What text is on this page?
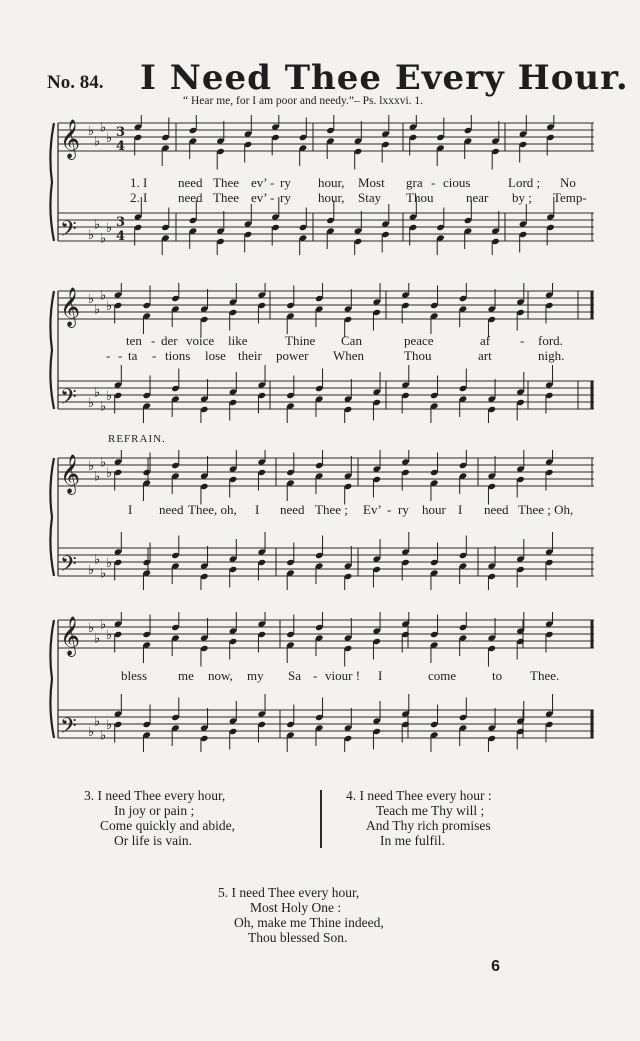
No. 84. I Need Thee Every Hour.
“ Hear me, for I am poor and needy.”– Ps. lxxxvi. 1.
𝄞 ♭
♭
♭
♭ 3
4
𝄢 ♭
♭
♭
♭ 3
4
1. I need Thee ev’ - ry hour, Most gra - cious	Lord ; No
2. I need Thee ev’ - ry hour, Stay Thou	near by ; Temp-
𝄞 ♭
♭
♭
♭
𝄢 ♭
♭
♭
♭
ten - der voice like	Thine Can	peace	af - ford.
- - ta - tions lose their power When	Thou	art	nigh.
REFRAIN.
𝄞 ♭
♭
♭
♭
𝄢 ♭
♭
♭
♭
I need Thee, oh, I need Thee ; Ev’ - ry hour I need Thee ; Oh,
𝄞 ♭
♭
♭
♭
𝄢 ♭
♭
♭
♭
bless me now, my Sa - viour ! I	come	to Thee.
3. I need Thee every hour,
In joy or pain ;
Come quickly and abide,
Or life is vain.
4. I need Thee every hour :
Teach me Thy will ;
And Thy rich promises
In me fulfil.
5. I need Thee every hour,
Most Holy One :
Oh, make me Thine indeed,
Thou blessed Son.
6
